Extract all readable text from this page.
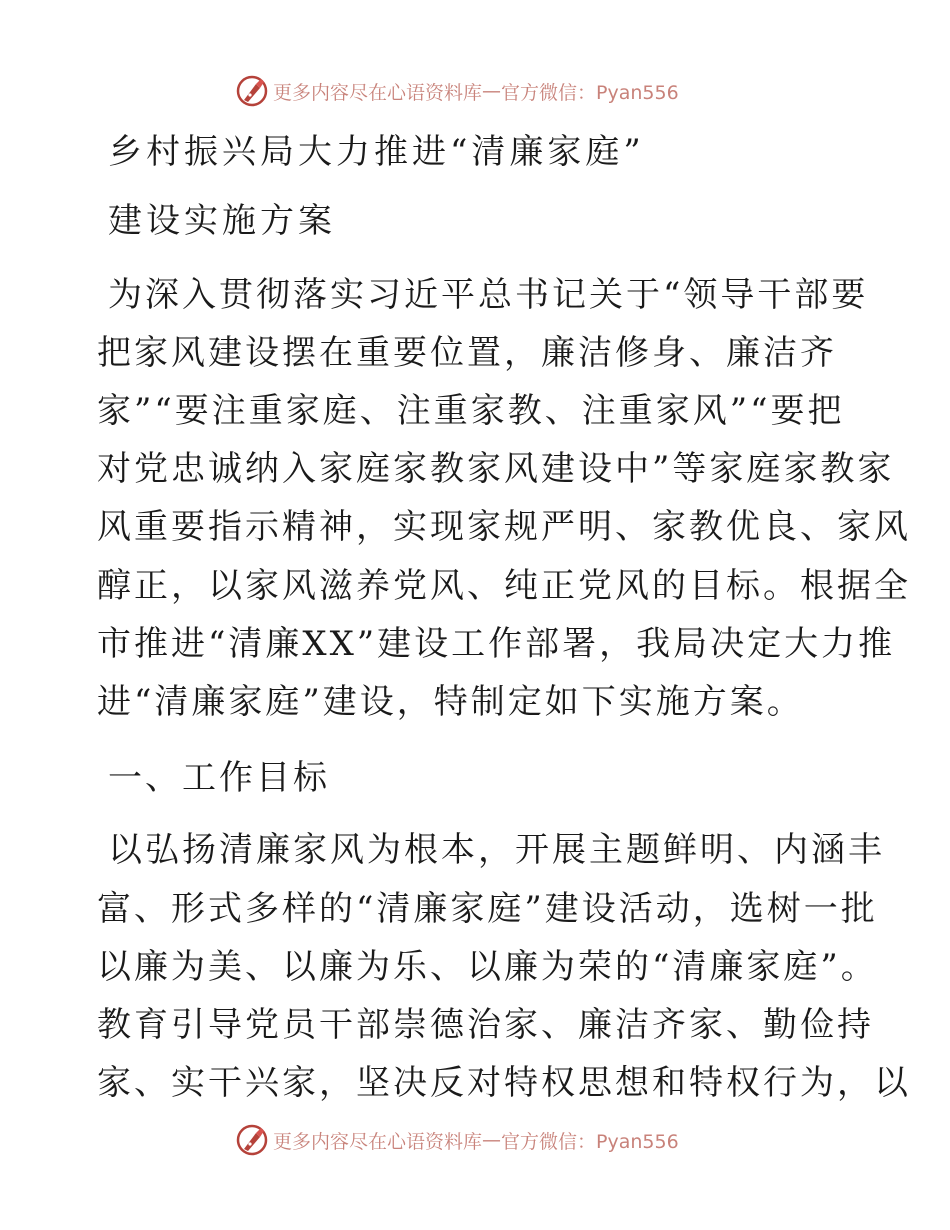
更多内容尽在心语资料库 — 官方微信：Pyan556
乡村振兴局大力推进“清廉家庭”
建设实施方案
为深入贯彻落实习近平总书记关于“领导干部要
把家风建设摆在重要位置，廉洁修身、廉洁齐
家”“要注重家庭、注重家教、注重家风”“要把
对党忠诚纳入家庭家教家风建设中”等家庭家教家
风重要指示精神，实现家规严明、家教优良、家风
醇正，以家风滋养党风、纯正党风的目标。根据全
市推进“清廉XX”建设工作部署，我局决定大力推
进“清廉家庭”建设，特制定如下实施方案。
一、工作目标
以弘扬清廉家风为根本，开展主题鲜明、内涵丰
富、形式多样的“清廉家庭”建设活动，选树一批
以廉为美、以廉为乐、以廉为荣的“清廉家庭”。
教育引导党员干部崇德治家、廉洁齐家、勤俭持
家、实干兴家，坚决反对特权思想和特权行为，以
更多内容尽在心语资料库 — 官方微信：Pyan556
